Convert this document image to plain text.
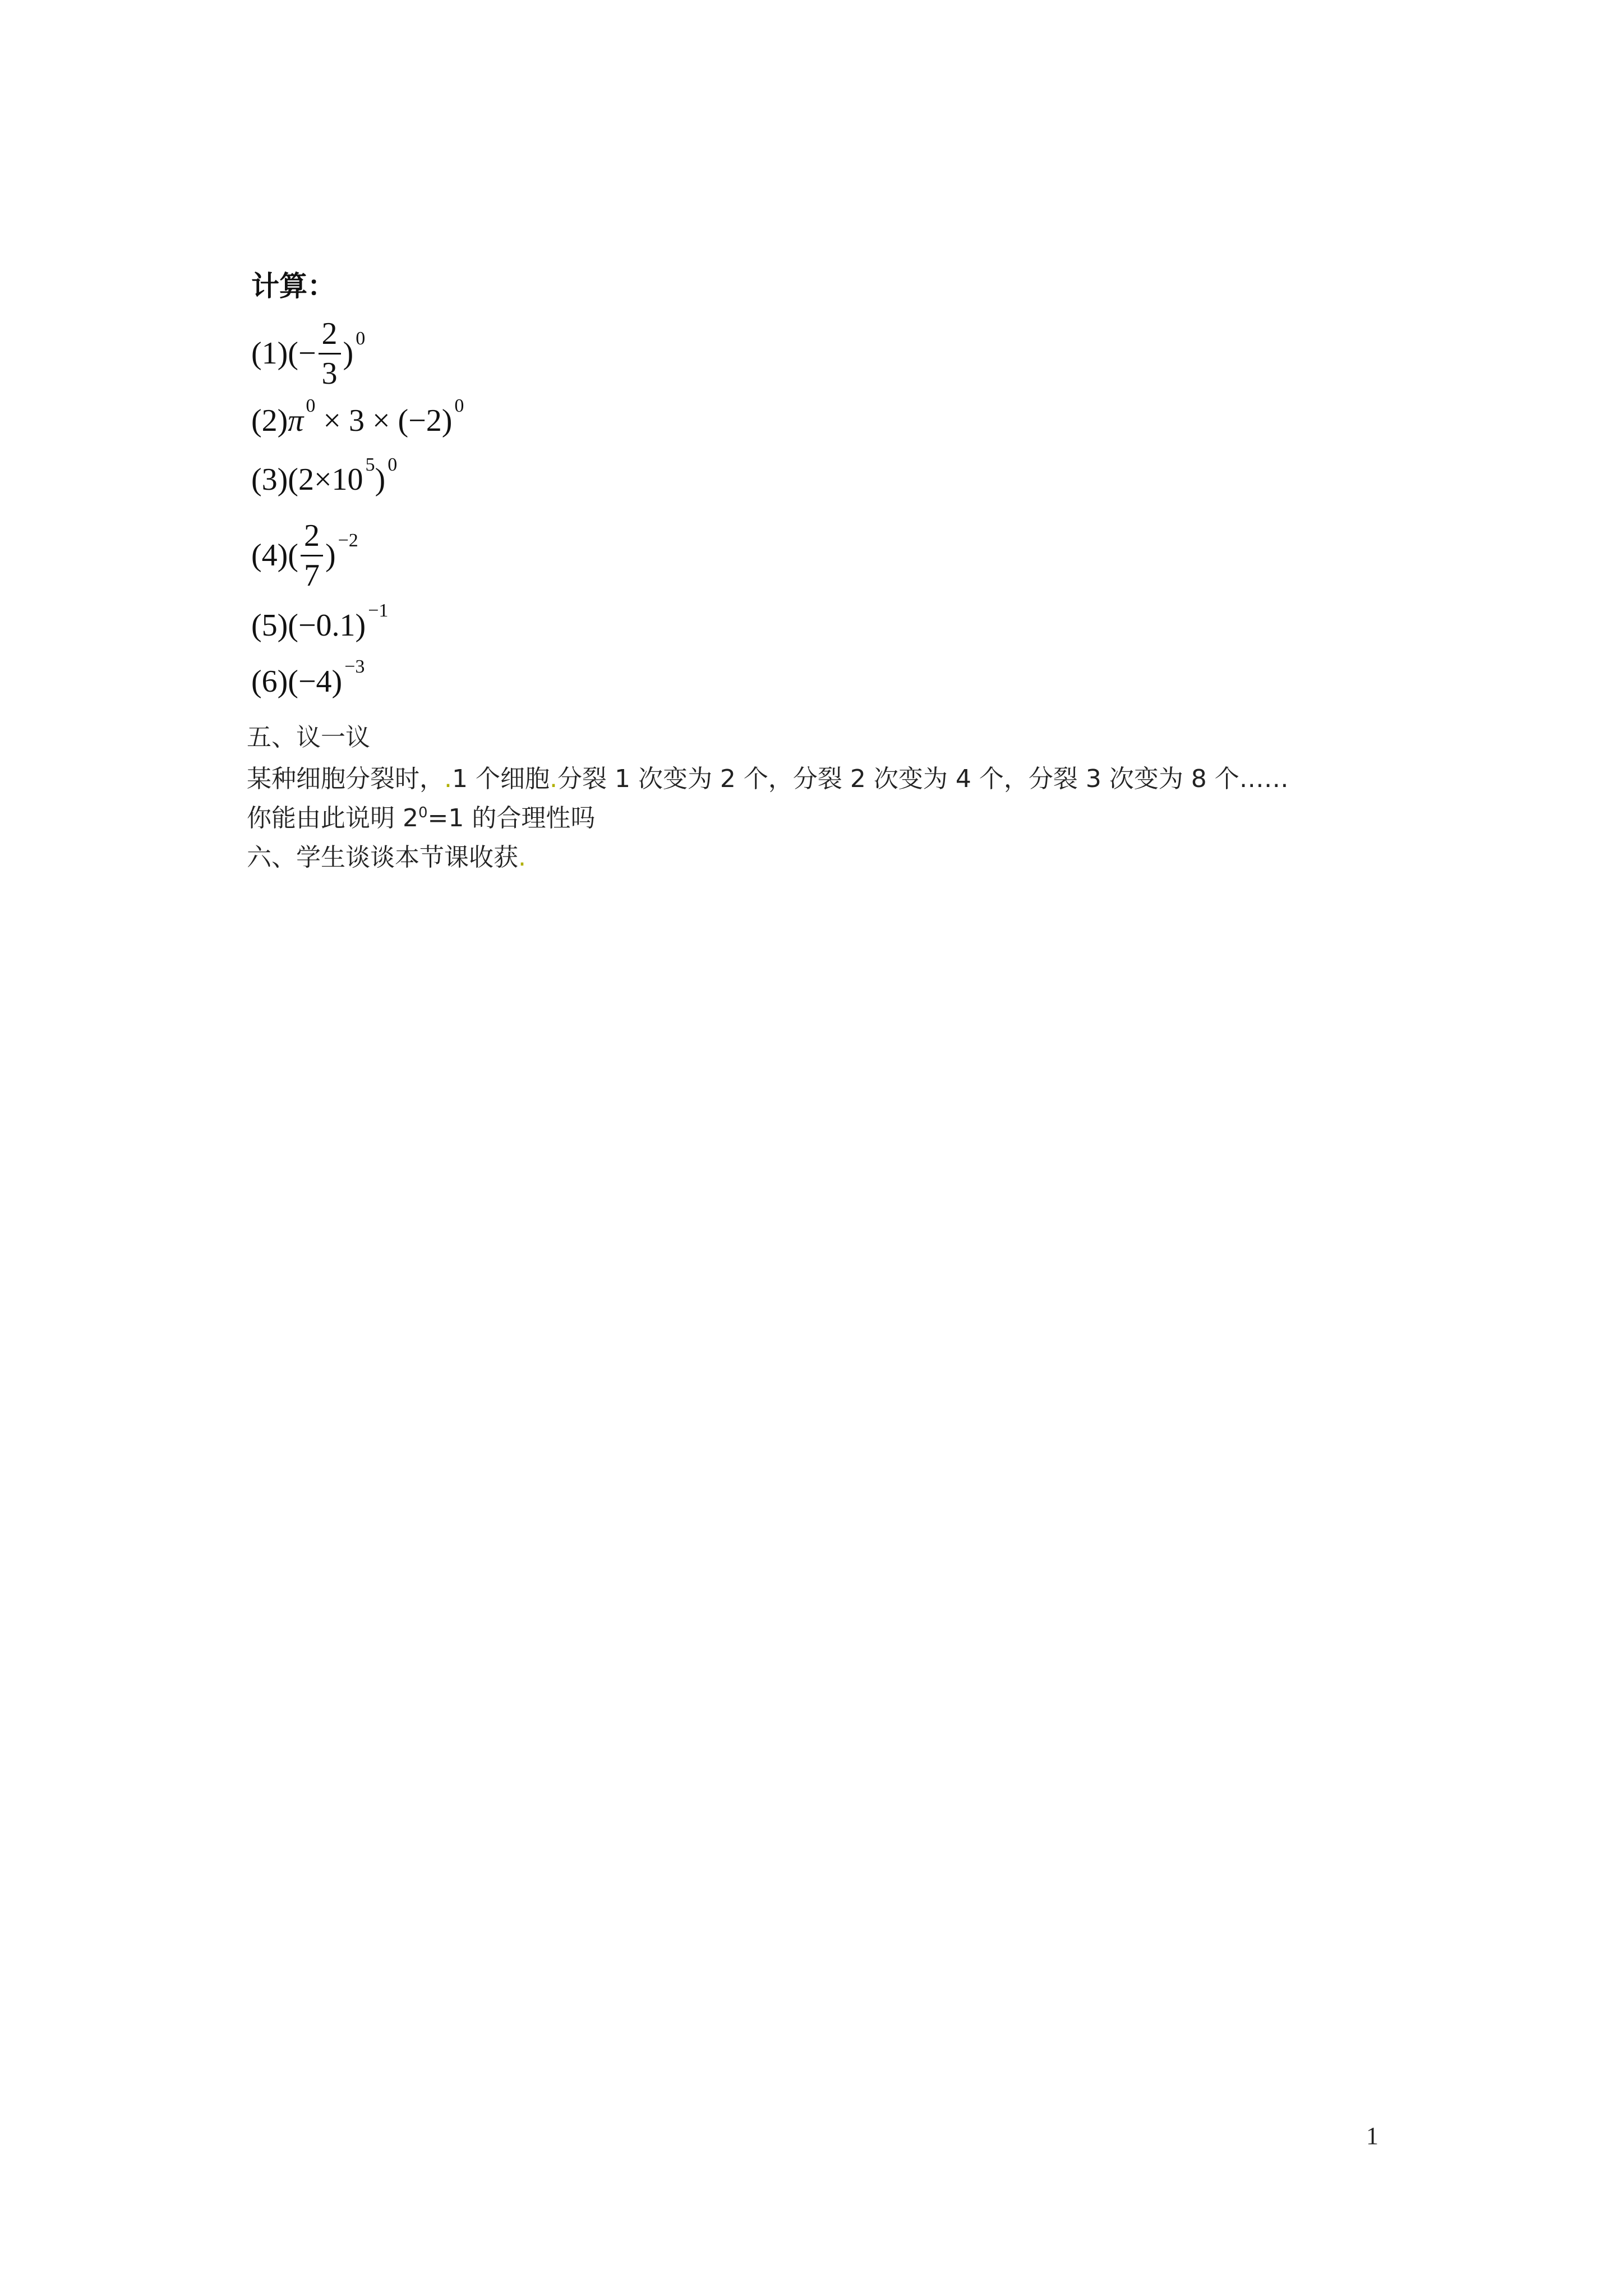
计算：
(1) (− $\frac{2}{3}$ ) 0
(2) π 0 × 3 × (−2) 0
(3) (2×10 5 ) 0
(4) ( $\frac{2}{7}$ ) −2
(5) (−0.1) −1
(6) (−4) −3
五、议一议
某种细胞分裂时，.1 个细胞.分裂 1 次变为 2 个，分裂 2 次变为 4 个，分裂 3 次变为 8 个……
你能由此说明 $2^0=1$ 的合理性吗
六、学生谈谈本节课收获.
1
